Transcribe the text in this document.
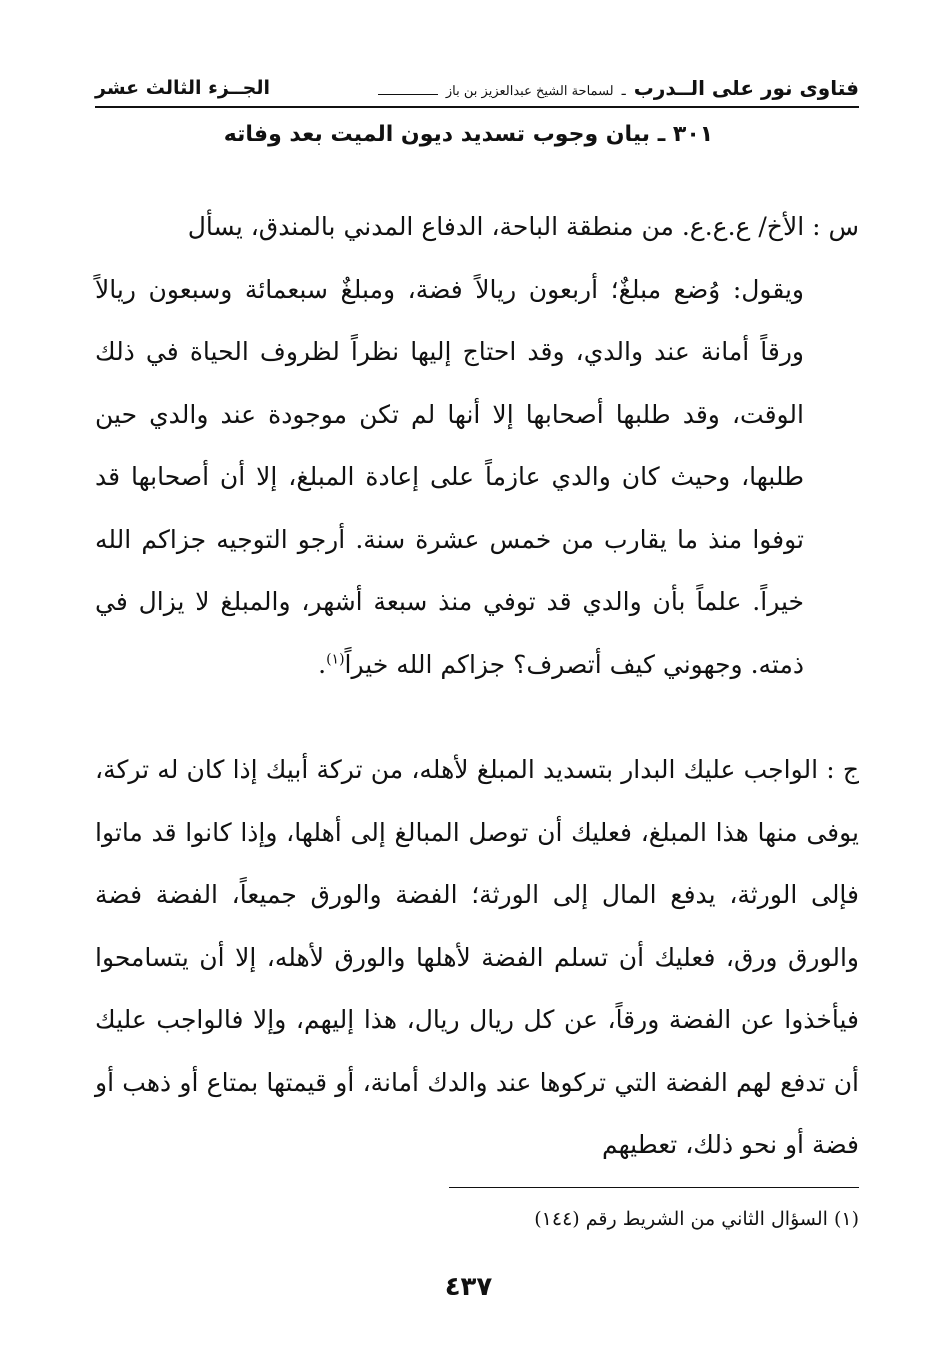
فتاوى نور على الــدرب
ـ
لسماحة الشيخ عبدالعزيز بن باز
الجــزء الثالث عشر
٣٠١ ـ بيان وجوب تسديد ديون الميت بعد وفاته
س : الأخ/ ع.ع.ع. من منطقة الباحة، الدفاع المدني بالمندق، يسأل
ويقول: وُضع مبلغٌ؛ أربعون ريالاً فضة، ومبلغٌ سبعمائة وسبعون ريالاً ورقاً أمانة عند والدي، وقد احتاج إليها نظراً لظروف الحياة في ذلك الوقت، وقد طلبها أصحابها إلا أنها لم تكن موجودة عند والدي حين طلبها، وحيث كان والدي عازماً على إعادة المبلغ، إلا أن أصحابها قد توفوا منذ ما يقارب من خمس عشرة سنة. أرجو التوجيه جزاكم الله خيراً. علماً بأن والدي قد توفي منذ سبعة أشهر، والمبلغ لا يزال في ذمته. وجهوني كيف أتصرف؟ جزاكم الله خيراً$^{(١)}$.
ج : الواجب عليك البدار بتسديد المبلغ لأهله، من تركة أبيك إذا كان له تركة، يوفى منها هذا المبلغ، فعليك أن توصل المبالغ إلى أهلها، وإذا كانوا قد ماتوا فإلى الورثة، يدفع المال إلى الورثة؛ الفضة والورق جميعاً، الفضة فضة والورق ورق، فعليك أن تسلم الفضة لأهلها والورق لأهله، إلا أن يتسامحوا فيأخذوا عن الفضة ورقاً، عن كل ريال ريال، هذا إليهم، وإلا فالواجب عليك أن تدفع لهم الفضة التي تركوها عند والدك أمانة، أو قيمتها بمتاع أو ذهب أو فضة أو نحو ذلك، تعطيهم
(١) السؤال الثاني من الشريط رقم (١٤٤)
٤٣٧
